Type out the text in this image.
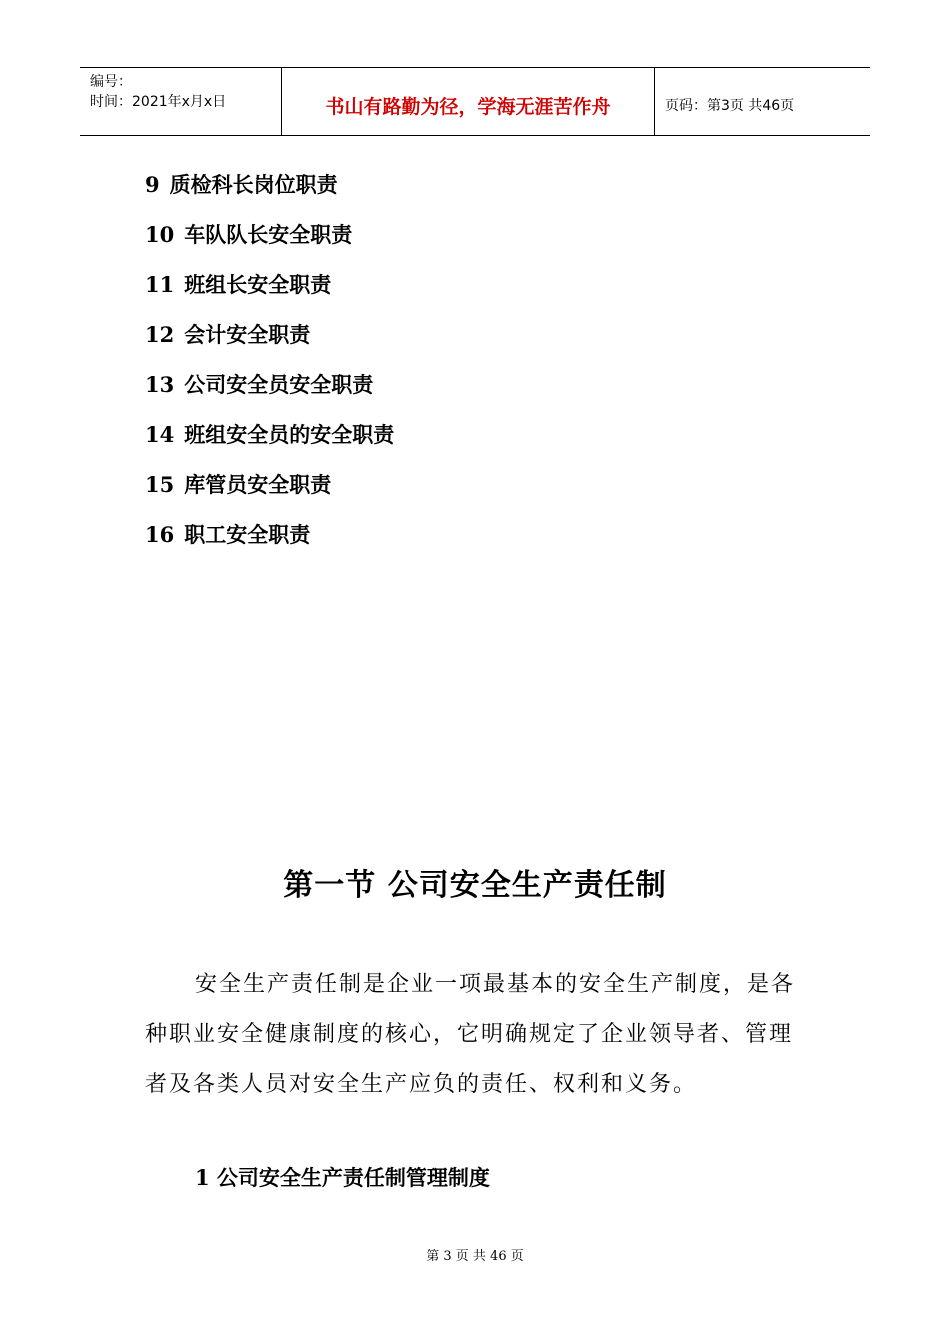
编号：
时间：2021年x月x日	书山有路勤为径，学海无涯苦作舟	页码：第3页 共46页
9 质检科长岗位职责
10 车队队长安全职责
11 班组长安全职责
12 会计安全职责
13 公司安全员安全职责
14 班组安全员的安全职责
15 库管员安全职责
16 职工安全职责
第一节 公司安全生产责任制

安全生产责任制是企业一项最基本的安全生产制度，是各种职业安全健康制度的核心，它明确规定了企业领导者、管理者及各类人员对安全生产应负的责任、权利和义务。

1 公司安全生产责任制管理制度
第 3 页 共 46 页
